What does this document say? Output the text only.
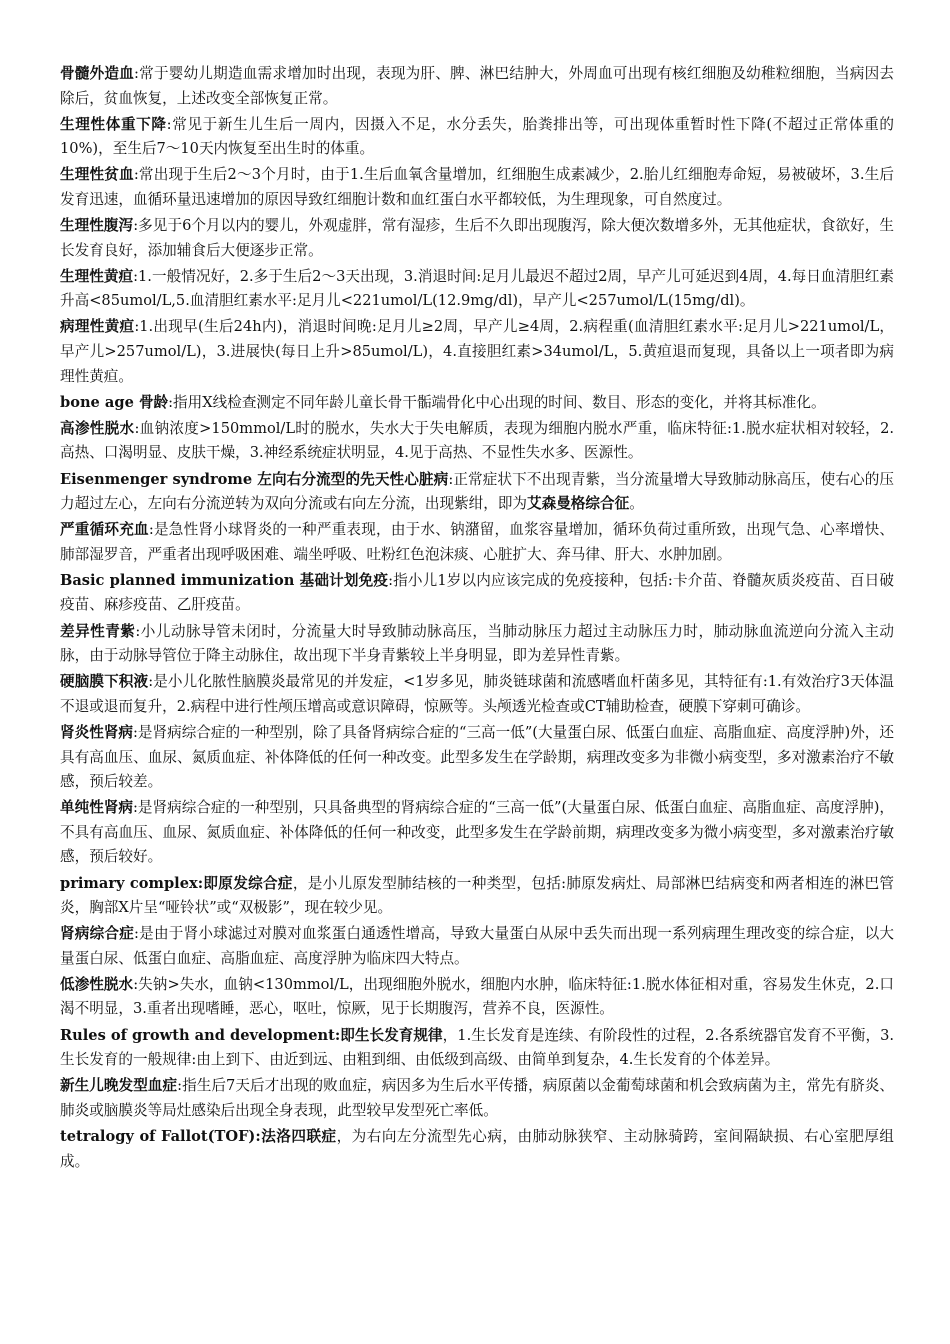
骨髓外造血:常于婴幼儿期造血需求增加时出现，表现为肝、脾、淋巴结肿大，外周血可出现有核红细胞及幼稚粒细胞，当病因去除后，贫血恢复，上述改变全部恢复正常。

生理性体重下降:常见于新生儿生后一周内，因摄入不足，水分丢失，胎粪排出等，可出现体重暂时性下降(不超过正常体重的10%)，至生后7～10天内恢复至出生时的体重。

生理性贫血:常出现于生后2～3个月时，由于1.生后血氧含量增加，红细胞生成素减少，2.胎儿红细胞寿命短，易被破坏，3.生后发育迅速，血循环量迅速增加的原因导致红细胞计数和血红蛋白水平都较低，为生理现象，可自然度过。

生理性腹泻:多见于6个月以内的婴儿，外观虚胖，常有湿疹，生后不久即出现腹泻，除大便次数增多外，无其他症状，食欲好，生长发育良好，添加辅食后大便逐步正常。

生理性黄疸:1.一般情况好，2.多于生后2～3天出现，3.消退时间:足月儿最迟不超过2周，早产儿可延迟到4周，4.每日血清胆红素升高<85umol/L,5.血清胆红素水平:足月儿<221umol/L(12.9mg/dl)，早产儿<257umol/L(15mg/dl)。

病理性黄疸:1.出现早(生后24h内)，消退时间晚:足月儿≥2周，早产儿≥4周，2.病程重(血清胆红素水平:足月儿>221umol/L，早产儿>257umol/L)，3.进展快(每日上升>85umol/L)，4.直接胆红素>34umol/L，5.黄疸退而复现，具备以上一项者即为病理性黄疸。

bone age 骨龄:指用X线检查测定不同年龄儿童长骨干骺端骨化中心出现的时间、数目、形态的变化，并将其标准化。

高渗性脱水:血钠浓度>150mmol/L时的脱水，失水大于失电解质，表现为细胞内脱水严重，临床特征:1.脱水症状相对较轻，2.高热、口渴明显、皮肤干燥，3.神经系统症状明显，4.见于高热、不显性失水多、医源性。

Eisenmenger syndrome 左向右分流型的先天性心脏病:正常症状下不出现青紫，当分流量增大导致肺动脉高压，使右心的压力超过左心，左向右分流逆转为双向分流或右向左分流，出现紫绀，即为艾森曼格综合征。

严重循环充血:是急性肾小球肾炎的一种严重表现，由于水、钠潴留，血浆容量增加，循环负荷过重所致，出现气急、心率增快、肺部湿罗音，严重者出现呼吸困难、端坐呼吸、吐粉红色泡沫痰、心脏扩大、奔马律、肝大、水肿加剧。

Basic planned immunization 基础计划免疫:指小儿1岁以内应该完成的免疫接种，包括:卡介苗、脊髓灰质炎疫苗、百日破疫苗、麻疹疫苗、乙肝疫苗。

差异性青紫:小儿动脉导管未闭时，分流量大时导致肺动脉高压，当肺动脉压力超过主动脉压力时，肺动脉血流逆向分流入主动脉，由于动脉导管位于降主动脉住，故出现下半身青紫较上半身明显，即为差异性青紫。

硬脑膜下积液:是小儿化脓性脑膜炎最常见的并发症，<1岁多见，肺炎链球菌和流感嗜血杆菌多见，其特征有:1.有效治疗3天体温不退或退而复升，2.病程中进行性颅压增高或意识障碍，惊厥等。头颅透光检查或CT辅助检查，硬膜下穿刺可确诊。

肾炎性肾病:是肾病综合症的一种型别，除了具备肾病综合症的“三高一低”(大量蛋白尿、低蛋白血症、高脂血症、高度浮肿)外，还具有高血压、血尿、氮质血症、补体降低的任何一种改变。此型多发生在学龄期，病理改变多为非微小病变型，多对激素治疗不敏感，预后较差。

单纯性肾病:是肾病综合症的一种型别，只具备典型的肾病综合症的“三高一低”(大量蛋白尿、低蛋白血症、高脂血症、高度浮肿)，不具有高血压、血尿、氮质血症、补体降低的任何一种改变，此型多发生在学龄前期，病理改变多为微小病变型，多对激素治疗敏感，预后较好。

primary complex:即原发综合症，是小儿原发型肺结核的一种类型，包括:肺原发病灶、局部淋巴结病变和两者相连的淋巴管炎，胸部X片呈“哑铃状”或“双极影”，现在较少见。

肾病综合症:是由于肾小球滤过对膜对血浆蛋白通透性增高，导致大量蛋白从尿中丢失而出现一系列病理生理改变的综合症，以大量蛋白尿、低蛋白血症、高脂血症、高度浮肿为临床四大特点。

低渗性脱水:失钠>失水，血钠<130mmol/L，出现细胞外脱水，细胞内水肿，临床特征:1.脱水体征相对重，容易发生休克，2.口渴不明显，3.重者出现嗜睡，恶心，呕吐，惊厥，见于长期腹泻，营养不良，医源性。

Rules of growth and development:即生长发育规律，1.生长发育是连续、有阶段性的过程，2.各系统器官发育不平衡，3.生长发育的一般规律:由上到下、由近到远、由粗到细、由低级到高级、由简单到复杂，4.生长发育的个体差异。

新生儿晚发型血症:指生后7天后才出现的败血症，病因多为生后水平传播，病原菌以金葡萄球菌和机会致病菌为主，常先有脐炎、肺炎或脑膜炎等局灶感染后出现全身表现，此型较早发型死亡率低。

tetralogy of Fallot(TOF):法洛四联症，为右向左分流型先心病，由肺动脉狭窄、主动脉骑跨，室间隔缺损、右心室肥厚组成。
